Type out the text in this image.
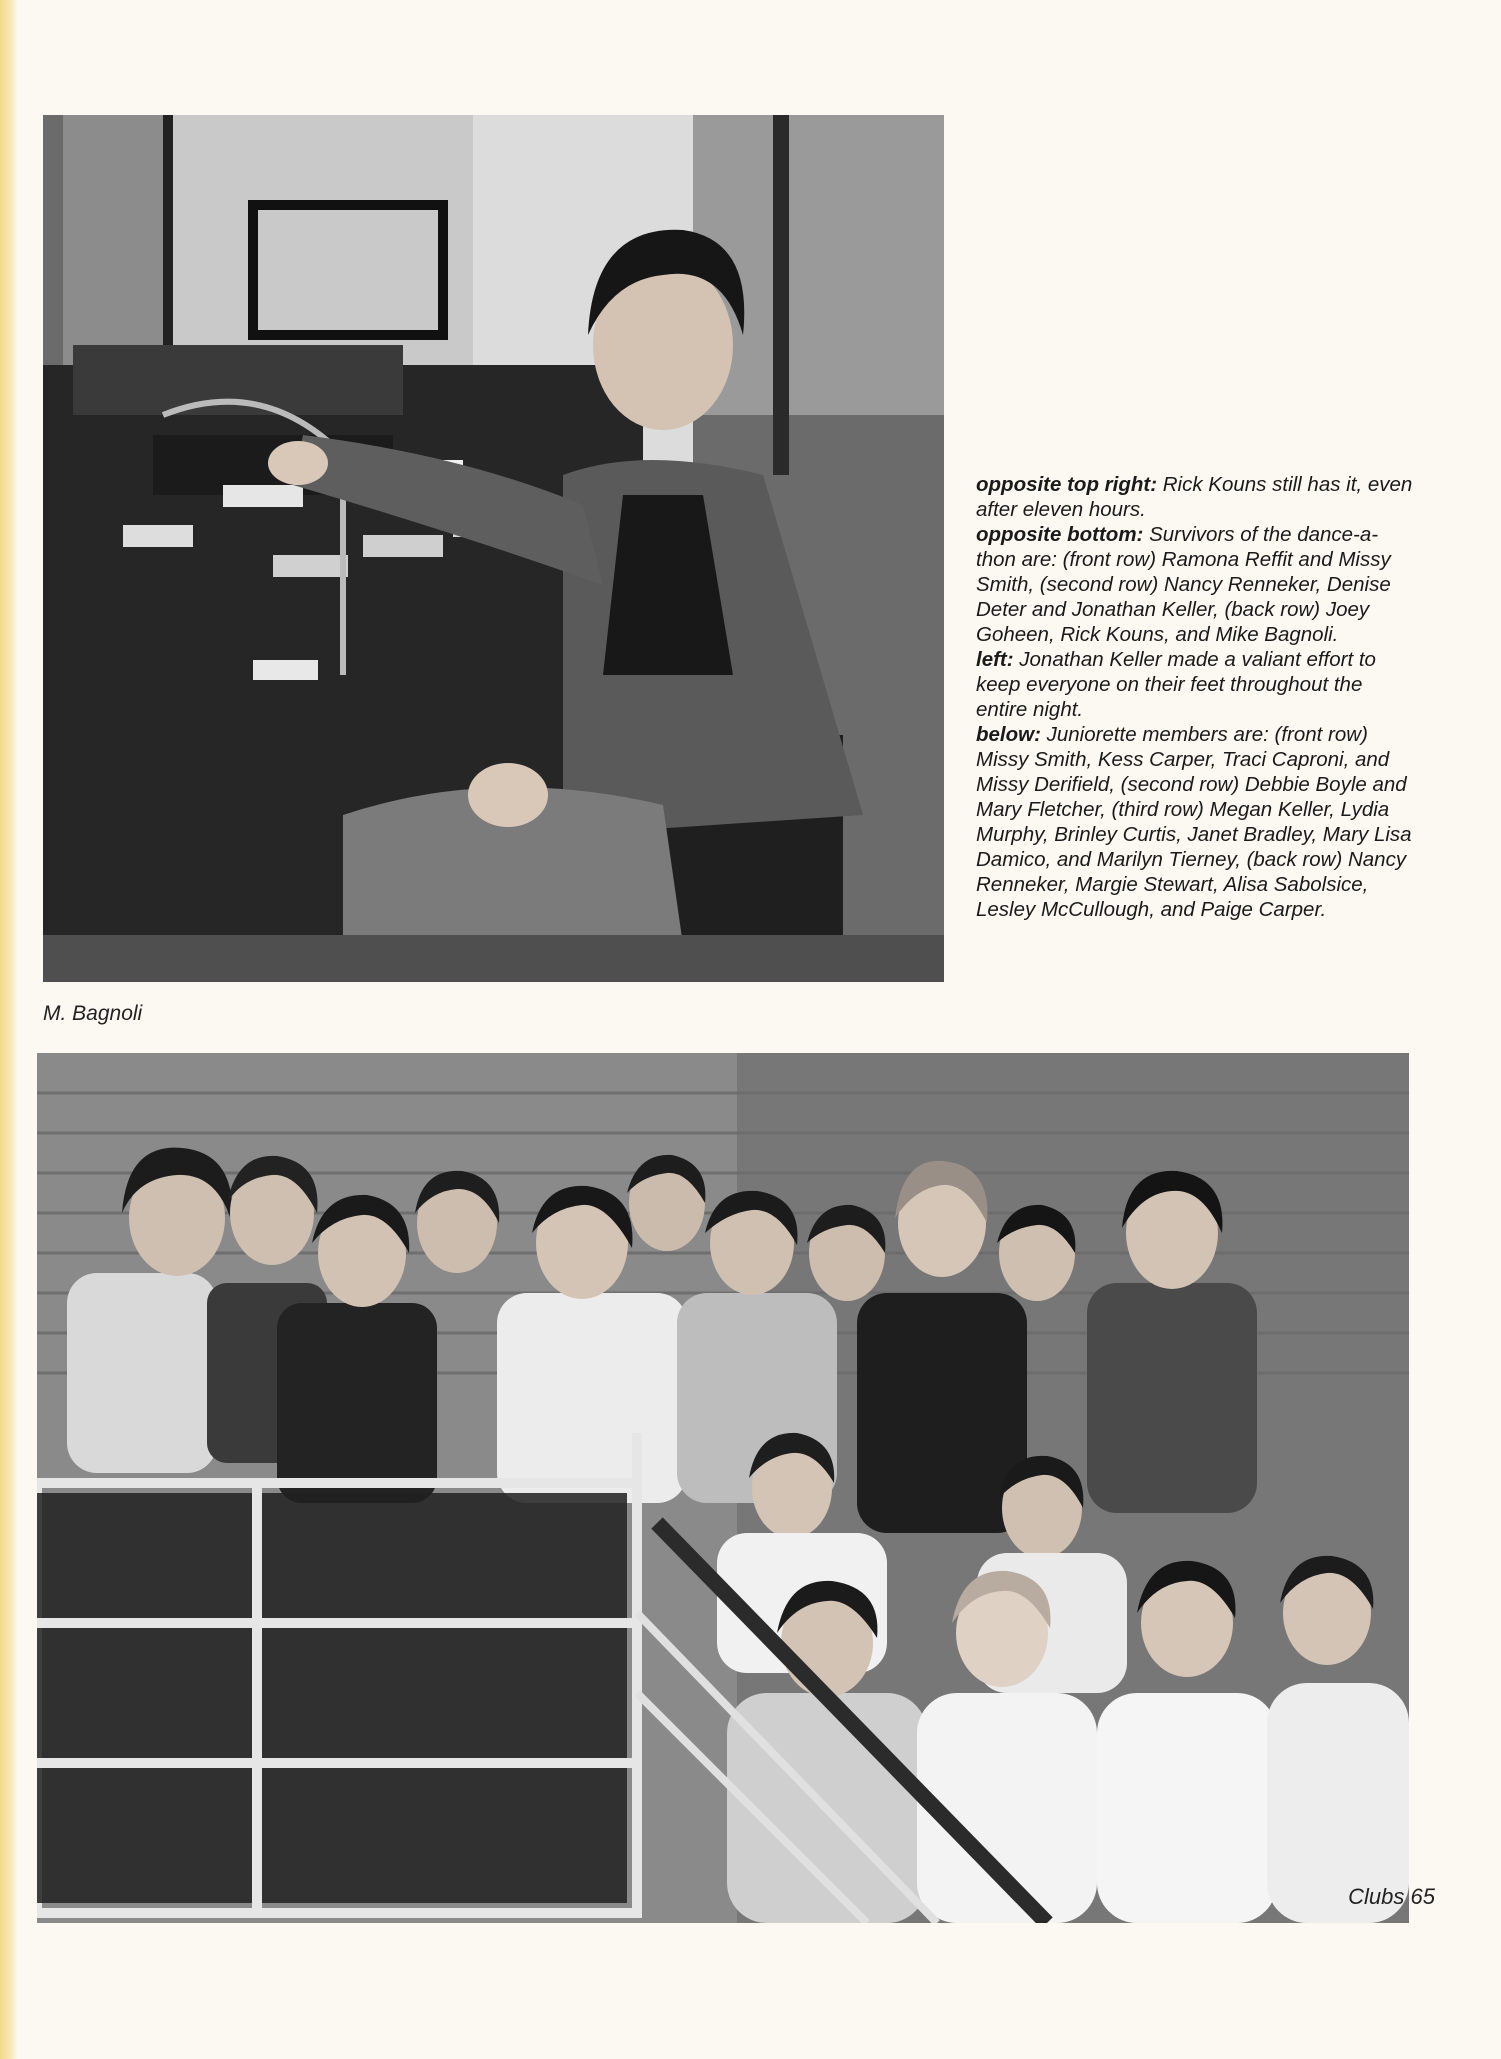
M. Bagnoli

opposite top right: Rick Kouns still has it, even after eleven hours.

opposite bottom: Survivors of the dance-a-thon are: (front row) Ramona Reffit and Missy Smith, (second row) Nancy Renneker, Denise Deter and Jonathan Keller, (back row) Joey Goheen, Rick Kouns, and Mike Bagnoli.

left: Jonathan Keller made a valiant effort to keep everyone on their feet throughout the entire night.

below: Juniorette members are: (front row) Missy Smith, Kess Carper, Traci Caproni, and Missy Derifield, (second row) Debbie Boyle and Mary Fletcher, (third row) Megan Keller, Lydia Murphy, Brinley Curtis, Janet Bradley, Mary Lisa Damico, and Marilyn Tierney, (back row) Nancy Renneker, Margie Stewart, Alisa Sabolsice, Lesley McCullough, and Paige Carper.

Clubs 65
